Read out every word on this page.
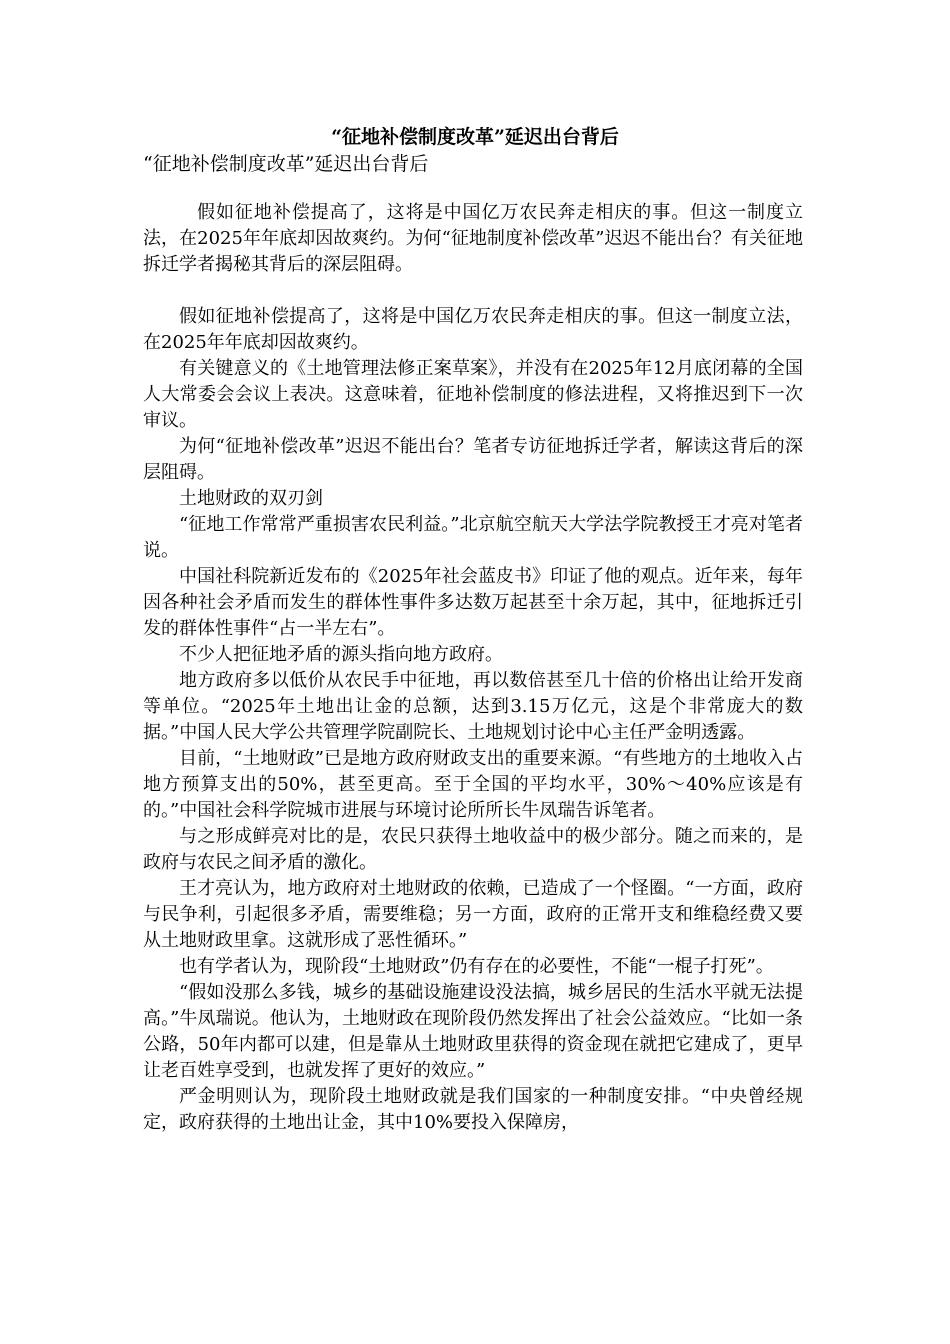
“征地补偿制度改革”延迟出台背后
“征地补偿制度改革”延迟出台背后

假如征地补偿提高了，这将是中国亿万农民奔走相庆的事。但这一制度立法，在2025年年底却因故爽约。为何“征地制度补偿改革”迟迟不能出台？有关征地拆迁学者揭秘其背后的深层阻碍。

假如征地补偿提高了，这将是中国亿万农民奔走相庆的事。但这一制度立法，在2025年年底却因故爽约。

有关键意义的《土地管理法修正案草案》，并没有在2025年12月底闭幕的全国人大常委会会议上表决。这意味着，征地补偿制度的修法进程，又将推迟到下一次审议。

为何“征地补偿改革”迟迟不能出台？笔者专访征地拆迁学者，解读这背后的深层阻碍。

土地财政的双刃剑

“征地工作常常严重损害农民利益。”北京航空航天大学法学院教授王才亮对笔者说。

中国社科院新近发布的《2025年社会蓝皮书》印证了他的观点。近年来，每年因各种社会矛盾而发生的群体性事件多达数万起甚至十余万起，其中，征地拆迁引发的群体性事件“占一半左右”。

不少人把征地矛盾的源头指向地方政府。

地方政府多以低价从农民手中征地，再以数倍甚至几十倍的价格出让给开发商等单位。“2025年土地出让金的总额，达到3.15万亿元，这是个非常庞大的数据。”中国人民大学公共管理学院副院长、土地规划讨论中心主任严金明透露。

目前，“土地财政”已是地方政府财政支出的重要来源。“有些地方的土地收入占地方预算支出的50%，甚至更高。至于全国的平均水平，30%～40%应该是有的。”中国社会科学院城市进展与环境讨论所所长牛凤瑞告诉笔者。

与之形成鲜亮对比的是，农民只获得土地收益中的极少部分。随之而来的，是政府与农民之间矛盾的激化。

王才亮认为，地方政府对土地财政的依赖，已造成了一个怪圈。“一方面，政府与民争利，引起很多矛盾，需要维稳；另一方面，政府的正常开支和维稳经费又要从土地财政里拿。这就形成了恶性循环。”

也有学者认为，现阶段“土地财政”仍有存在的必要性，不能“一棍子打死”。

“假如没那么多钱，城乡的基础设施建设没法搞，城乡居民的生活水平就无法提高。”牛凤瑞说。他认为，土地财政在现阶段仍然发挥出了社会公益效应。“比如一条公路，50年内都可以建，但是靠从土地财政里获得的资金现在就把它建成了，更早让老百姓享受到，也就发挥了更好的效应。”

严金明则认为，现阶段土地财政就是我们国家的一种制度安排。“中央曾经规定，政府获得的土地出让金，其中10%要投入保障房，
